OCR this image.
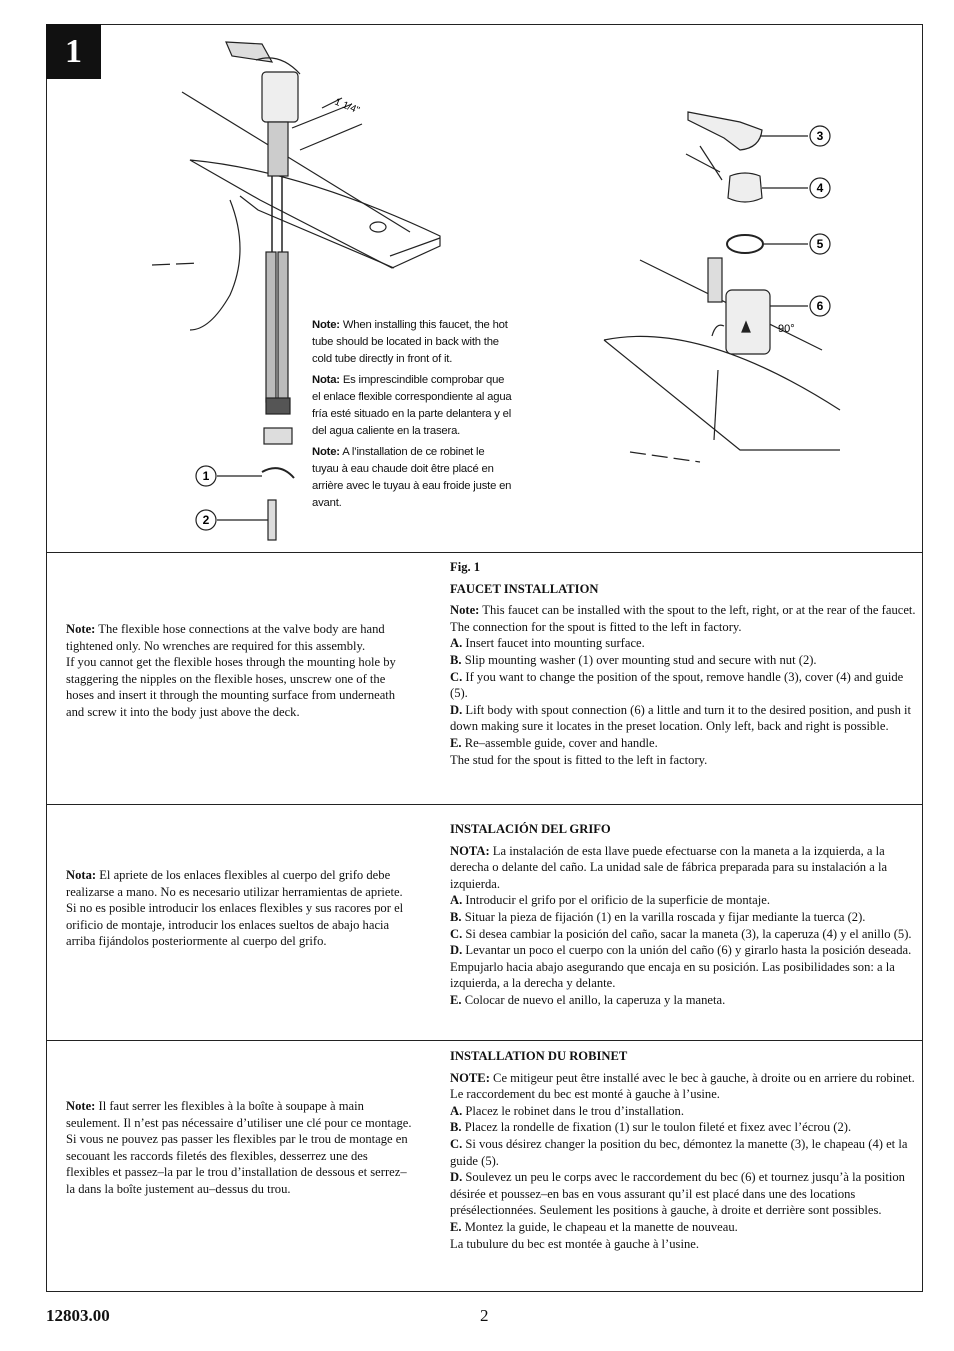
1
1
2
3
4
5
6
1 1/4"
90°

Note: When installing this faucet, the hot tube should be located in back with the cold tube directly in front of it.

Nota: Es imprescindible comprobar que el enlace flexible correspondiente al agua fría esté situado en la parte delantera y el del agua caliente en la trasera.

Note: A l’installation de ce robinet le tuyau à eau chaude doit être placé en arrière avec le tuyau à eau froide juste en avant.

Note: The flexible hose connections at the valve body are hand tightened only. No wrenches are required for this assembly.

If you cannot get the flexible hoses through the mounting hole by staggering the nipples on the flexible hoses, unscrew one of the hoses and insert it through the mounting surface from underneath and screw it into the body just above the deck.

Fig. 1

FAUCET INSTALLATION

Note: This faucet can be installed with the spout to the left, right, or at the rear of the faucet.

The connection for the spout is fitted to the left in factory.

A. Insert faucet into mounting surface.

B. Slip mounting washer (1) over mounting stud and secure with nut (2).

C. If you want to change the position of the spout, remove handle (3), cover (4) and guide (5).

D. Lift body with spout connection (6) a little and turn it to the desired position, and push it down making sure it locates in the preset location. Only left, back and right is possible.

E. Re–assemble guide, cover and handle.

The stud for the spout is fitted to the left in factory.

Nota: El apriete de los enlaces flexibles al cuerpo del grifo debe realizarse a mano. No es necesario utilizar herramientas de apriete.

Si no es posible introducir los enlaces flexibles y sus racores por el orificio de montaje, introducir los enlaces sueltos de abajo hacia arriba fijándolos posteriormente al cuerpo del grifo.

INSTALACIÓN DEL GRIFO

NOTA: La instalación de esta llave puede efectuarse con la maneta a la izquierda, a la derecha o delante del caño. La unidad sale de fábrica preparada para su instalación a la izquierda.

A. Introducir el grifo por el orificio de la superficie de montaje.

B. Situar la pieza de fijación (1) en la varilla roscada y fijar mediante la tuerca (2).

C. Si desea cambiar la posición del caño, sacar la maneta (3), la caperuza (4) y el anillo (5).

D. Levantar un poco el cuerpo con la unión del caño (6) y girarlo hasta la posición deseada. Empujarlo hacia abajo asegurando que encaja en su posición. Las posibilidades son: a la izquierda, a la derecha y delante.

E. Colocar de nuevo el anillo, la caperuza y la maneta.

Note: Il faut serrer les flexibles à la boîte à soupape à main seulement. Il n’est pas nécessaire d’utiliser une clé pour ce montage.

Si vous ne pouvez pas passer les flexibles par le trou de montage en secouant les raccords filetés des flexibles, desserrez une des flexibles et passez–la par le trou d’installation de dessous et serrez–la dans la boîte justement au–dessus du trou.

INSTALLATION DU ROBINET

NOTE: Ce mitigeur peut être installé avec le bec à gauche, à droite ou en arriere du robinet. Le raccordement du bec est monté à gauche à l’usine.

A. Placez le robinet dans le trou d’installation.

B. Placez la rondelle de fixation (1) sur le toulon fileté et fixez avec l’écrou (2).

C. Si vous désirez changer la position du bec, démontez la manette (3), le chapeau (4) et la guide (5).

D. Soulevez un peu le corps avec le raccordement du bec (6) et tournez jusqu’à la position désirée et poussez–en bas en vous assurant qu’il est placé dans une des locations présélectionnées. Seulement les positions à gauche, à droite et derrière sont possibles.

E. Montez la guide, le chapeau et la manette de nouveau.

La tubulure du bec est montée à gauche à l’usine.

12803.00	2
